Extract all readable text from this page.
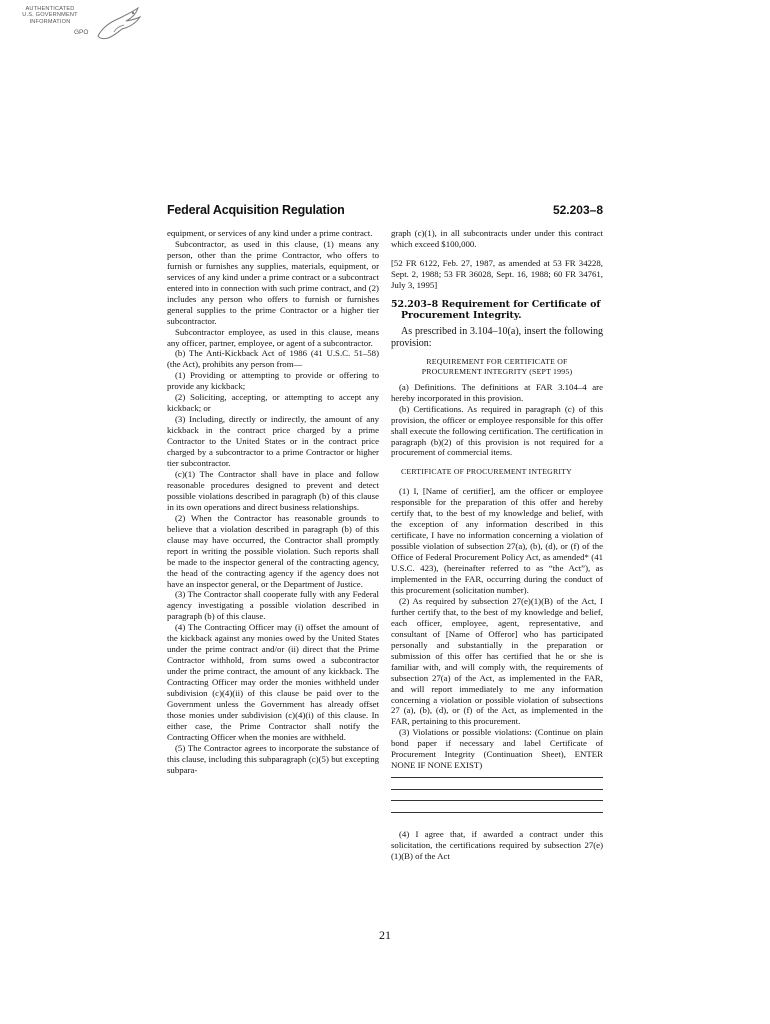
AUTHENTICATED
U.S. GOVERNMENT
INFORMATION
GPO
Federal Acquisition Regulation	52.203–8

equipment, or services of any kind under a prime contract.

Subcontractor, as used in this clause, (1) means any person, other than the prime Contractor, who offers to furnish or furnishes any supplies, materials, equipment, or services of any kind under a prime contract or a subcontract entered into in connection with such prime contract, and (2) includes any person who offers to furnish or furnishes general supplies to the prime Contractor or a higher tier subcontractor.

Subcontractor employee, as used in this clause, means any officer, partner, employee, or agent of a subcontractor.

(b) The Anti-Kickback Act of 1986 (41 U.S.C. 51–58) (the Act), prohibits any person from—

(1) Providing or attempting to provide or offering to provide any kickback;

(2) Soliciting, accepting, or attempting to accept any kickback; or

(3) Including, directly or indirectly, the amount of any kickback in the contract price charged by a prime Contractor to the United States or in the contract price charged by a subcontractor to a prime Contractor or higher tier subcontractor.

(c)(1) The Contractor shall have in place and follow reasonable procedures designed to prevent and detect possible violations described in paragraph (b) of this clause in its own operations and direct business relationships.

(2) When the Contractor has reasonable grounds to believe that a violation described in paragraph (b) of this clause may have occurred, the Contractor shall promptly report in writing the possible violation. Such reports shall be made to the inspector general of the contracting agency, the head of the contracting agency if the agency does not have an inspector general, or the Department of Justice.

(3) The Contractor shall cooperate fully with any Federal agency investigating a possible violation described in paragraph (b) of this clause.

(4) The Contracting Officer may (i) offset the amount of the kickback against any monies owed by the United States under the prime contract and/or (ii) direct that the Prime Contractor withhold, from sums owed a subcontractor under the prime contract, the amount of any kickback. The Contracting Officer may order the monies withheld under subdivision (c)(4)(ii) of this clause be paid over to the Government unless the Government has already offset those monies under subdivision (c)(4)(i) of this clause. In either case, the Prime Contractor shall notify the Contracting Officer when the monies are withheld.

(5) The Contractor agrees to incorporate the substance of this clause, including this subparagraph (c)(5) but excepting subpara-

graph (c)(1), in all subcontracts under under this contract which exceed $100,000.

[52 FR 6122, Feb. 27, 1987, as amended at 53 FR 34228, Sept. 2, 1988; 53 FR 36028, Sept. 16, 1988; 60 FR 34761, July 3, 1995]

52.203–8 Requirement for Certificate of Procurement Integrity.

As prescribed in 3.104–10(a), insert the following provision:

REQUIREMENT FOR CERTIFICATE OF
PROCUREMENT INTEGRITY (SEPT 1995)

(a) Definitions. The definitions at FAR 3.104–4 are hereby incorporated in this provision.

(b) Certifications. As required in paragraph (c) of this provision, the officer or employee responsible for this offer shall execute the following certification. The certification in paragraph (b)(2) of this provision is not required for a procurement of commercial items.

CERTIFICATE OF PROCUREMENT INTEGRITY

(1) I, [Name of certifier], am the officer or employee responsible for the preparation of this offer and hereby certify that, to the best of my knowledge and belief, with the exception of any information described in this certificate, I have no information concerning a violation of possible violation of subsection 27(a), (b), (d), or (f) of the Office of Federal Procurement Policy Act, as amended* (41 U.S.C. 423), (hereinafter referred to as “the Act”), as implemented in the FAR, occurring during the conduct of this procurement (solicitation number).

(2) As required by subsection 27(e)(1)(B) of the Act, I further certify that, to the best of my knowledge and belief, each officer, employee, agent, representative, and consultant of [Name of Offeror] who has participated personally and substantially in the preparation or submission of this offer has certified that he or she is familiar with, and will comply with, the requirements of subsection 27(a) of the Act, as implemented in the FAR, and will report immediately to me any information concerning a violation or possible violation of subsections 27 (a), (b), (d), or (f) of the Act, as implemented in the FAR, pertaining to this procurement.

(3) Violations or possible violations: (Continue on plain bond paper if necessary and label Certificate of Procurement Integrity (Continuation Sheet), ENTER NONE IF NONE EXIST)

(4) I agree that, if awarded a contract under this solicitation, the certifications required by subsection 27(e)(1)(B) of the Act

21
